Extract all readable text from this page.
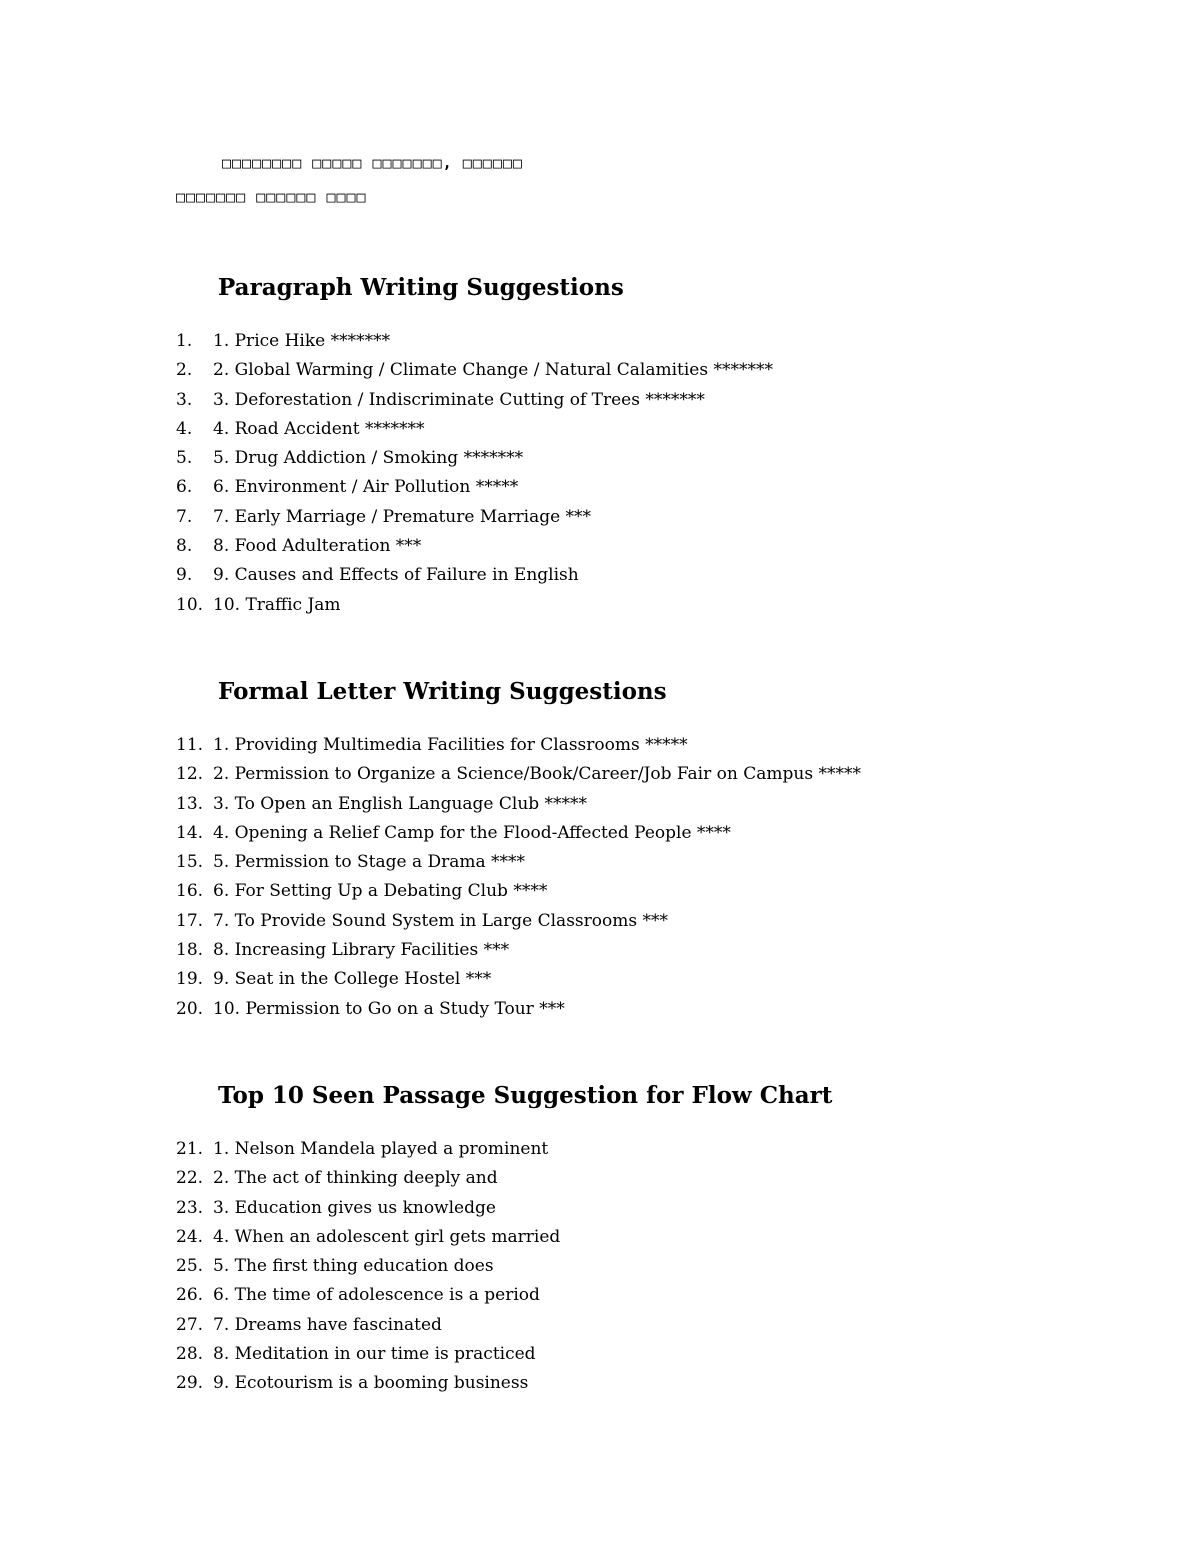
□□□□□□□□ □□□□□ □□□□□□□, □□□□□□
□□□□□□□ □□□□□□ □□□□
Paragraph Writing Suggestions
1.	1. Price Hike *******
2.	2. Global Warming / Climate Change / Natural Calamities *******
3.	3. Deforestation / Indiscriminate Cutting of Trees *******
4.	4. Road Accident *******
5.	5. Drug Addiction / Smoking *******
6.	6. Environment / Air Pollution *****
7.	7. Early Marriage / Premature Marriage ***
8.	8. Food Adulteration ***
9.	9. Causes and Effects of Failure in English
10. 10. Traffic Jam
Formal Letter Writing Suggestions
11. 1. Providing Multimedia Facilities for Classrooms *****
12. 2. Permission to Organize a Science/Book/Career/Job Fair on Campus *****
13. 3. To Open an English Language Club *****
14. 4. Opening a Relief Camp for the Flood-Affected People ****
15. 5. Permission to Stage a Drama ****
16. 6. For Setting Up a Debating Club ****
17. 7. To Provide Sound System in Large Classrooms ***
18. 8. Increasing Library Facilities ***
19. 9. Seat in the College Hostel ***
20. 10. Permission to Go on a Study Tour ***
Top 10 Seen Passage Suggestion for Flow Chart
21. 1. Nelson Mandela played a prominent
22. 2. The act of thinking deeply and
23. 3. Education gives us knowledge
24. 4. When an adolescent girl gets married
25. 5. The first thing education does
26. 6. The time of adolescence is a period
27. 7. Dreams have fascinated
28. 8. Meditation in our time is practiced
29. 9. Ecotourism is a booming business
